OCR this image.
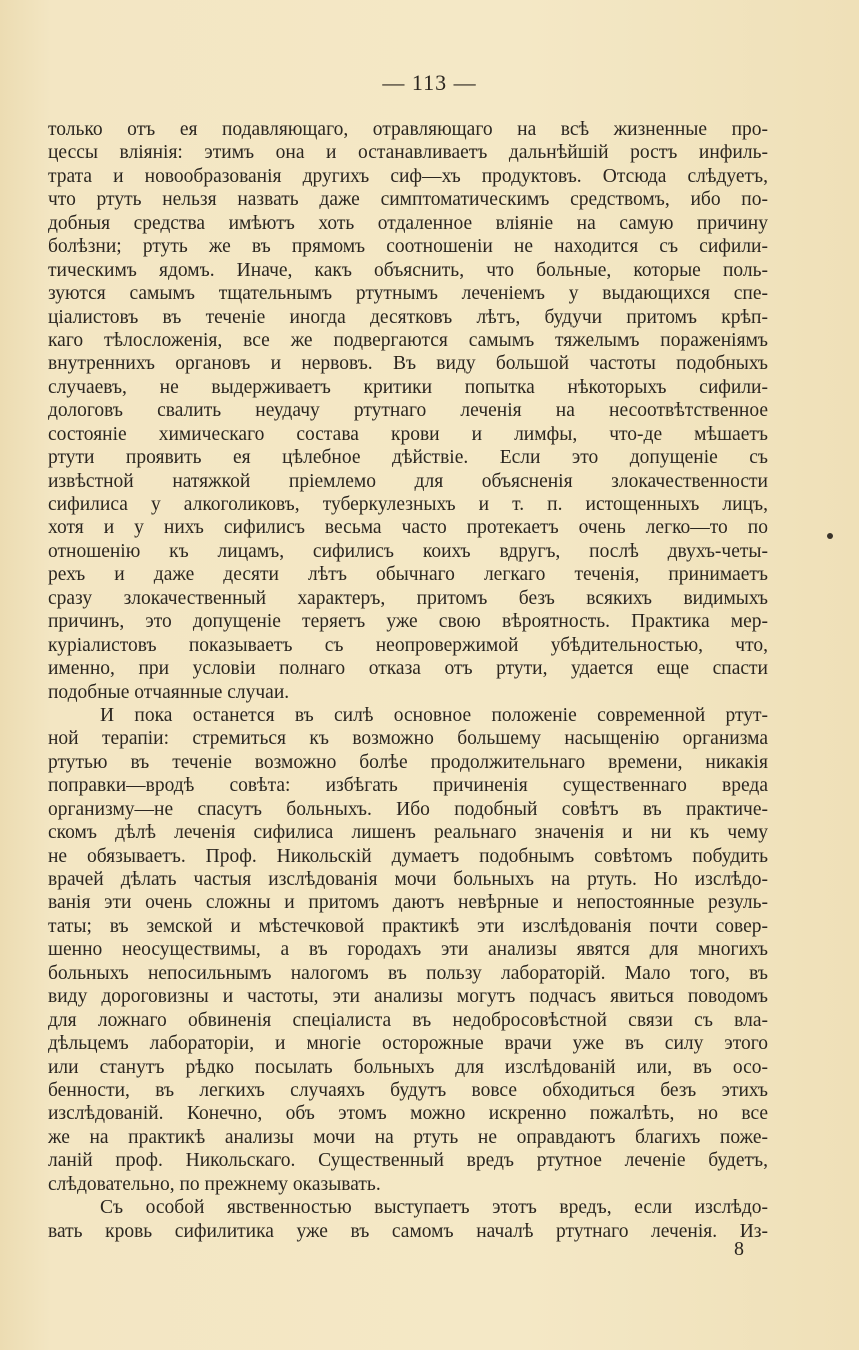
— 113 —
только отъ ея подавляющаго, отравляющаго на всѣ жизненные про-
цессы вліянія: этимъ она и останавливаетъ дальнѣйшій ростъ инфиль-
трата и новообразованія другихъ сиф—хъ продуктовъ. Отсюда слѣдуетъ,
что ртуть нельзя назвать даже симптоматическимъ средствомъ, ибо по-
добныя средства имѣютъ хоть отдаленное вліяніе на самую причину
болѣзни; ртуть же въ прямомъ соотношеніи не находится съ сифили-
тическимъ ядомъ. Иначе, какъ объяснить, что больные, которые поль-
зуются самымъ тщательнымъ ртутнымъ леченіемъ у выдающихся спе-
ціалистовъ въ теченіе иногда десятковъ лѣтъ, будучи притомъ крѣп-
каго тѣлосложенія, все же подвергаются самымъ тяжелымъ пораженіямъ
внутреннихъ органовъ и нервовъ. Въ виду большой частоты подобныхъ
случаевъ, не выдерживаетъ критики попытка нѣкоторыхъ сифили-
дологовъ свалить неудачу ртутнаго леченія на несоотвѣтственное
состояніе химическаго состава крови и лимфы, что-де мѣшаетъ
ртути проявить ея цѣлебное дѣйствіе. Если это допущеніе съ
извѣстной натяжкой пріемлемо для объясненія злокачественности
сифилиса у алкоголиковъ, туберкулезныхъ и т. п. истощенныхъ лицъ,
хотя и у нихъ сифилисъ весьма часто протекаетъ очень легко—то по
отношенію къ лицамъ, сифилисъ коихъ вдругъ, послѣ двухъ-четы-
рехъ и даже десяти лѣтъ обычнаго легкаго теченія, принимаетъ
сразу злокачественный характеръ, притомъ безъ всякихъ видимыхъ
причинъ, это допущеніе теряетъ уже свою вѣроятность. Практика мер-
куріалистовъ показываетъ съ неопровержимой убѣдительностью, что,
именно, при условіи полнаго отказа отъ ртути, удается еще спасти
подобные отчаянные случаи.
И пока останется въ силѣ основное положеніе современной ртут-
ной терапіи: стремиться къ возможно большему насыщенію организма
ртутью въ теченіе возможно болѣе продолжительнаго времени, никакія
поправки—вродѣ совѣта: избѣгать причиненія существеннаго вреда
организму—не спасутъ больныхъ. Ибо подобный совѣтъ въ практиче-
скомъ дѣлѣ леченія сифилиса лишенъ реальнаго значенія и ни къ чему
не обязываетъ. Проф. Никольскій думаетъ подобнымъ совѣтомъ побудить
врачей дѣлать частыя изслѣдованія мочи больныхъ на ртуть. Но изслѣдо-
ванія эти очень сложны и притомъ даютъ невѣрные и непостоянные резуль-
таты; въ земской и мѣстечковой практикѣ эти изслѣдованія почти совер-
шенно неосуществимы, а въ городахъ эти анализы явятся для многихъ
больныхъ непосильнымъ налогомъ въ пользу лабораторій. Мало того, въ
виду дороговизны и частоты, эти анализы могутъ подчасъ явиться поводомъ
для ложнаго обвиненія спеціалиста въ недобросовѣстной связи съ вла-
дѣльцемъ лабораторіи, и многіе осторожные врачи уже въ силу этого
или станутъ рѣдко посылать больныхъ для изслѣдованій или, въ осо-
бенности, въ легкихъ случаяхъ будутъ вовсе обходиться безъ этихъ
изслѣдованій. Конечно, объ этомъ можно искренно пожалѣть, но все
же на практикѣ анализы мочи на ртуть не оправдаютъ благихъ поже-
ланій проф. Никольскаго. Существенный вредъ ртутное леченіе будетъ,
слѣдовательно, по прежнему оказывать.
Съ особой явственностью выступаетъ этотъ вредъ, если изслѣдо-
вать кровь сифилитика уже въ самомъ началѣ ртутнаго леченія. Из-
8
